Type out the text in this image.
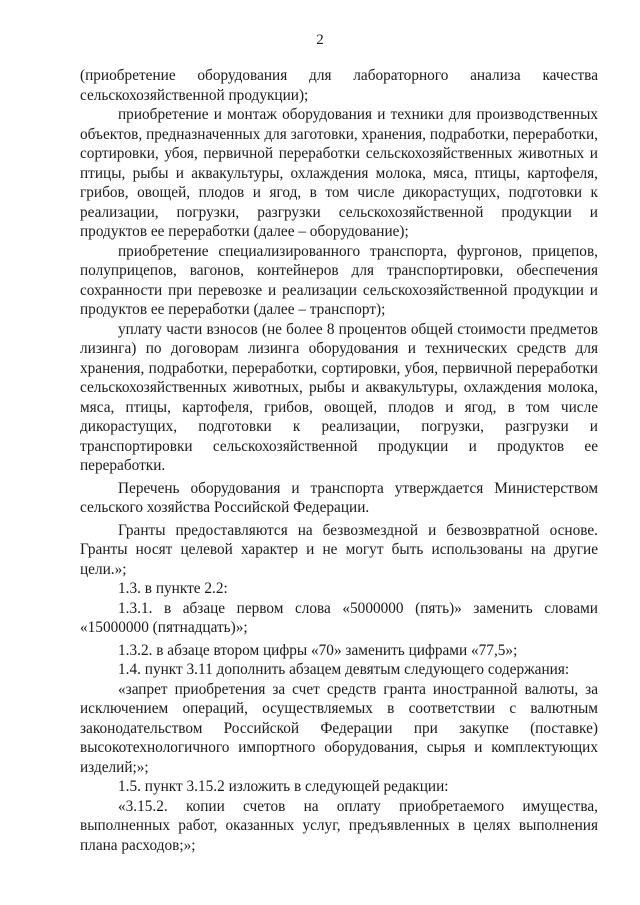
2

(приобретение оборудования для лабораторного анализа качества сельскохозяйственной продукции);

приобретение и монтаж оборудования и техники для производственных объектов, предназначенных для заготовки, хранения, подработки, переработки, сортировки, убоя, первичной переработки сельскохозяйственных животных и птицы, рыбы и аквакультуры, охлаждения молока, мяса, птицы, картофеля, грибов, овощей, плодов и ягод, в том числе дикорастущих, подготовки к реализации, погрузки, разгрузки сельскохозяйственной продукции и продуктов ее переработки (далее – оборудование);

приобретение специализированного транспорта, фургонов, прицепов, полуприцепов, вагонов, контейнеров для транспортировки, обеспечения сохранности при перевозке и реализации сельскохозяйственной продукции и продуктов ее переработки (далее – транспорт);

уплату части взносов (не более 8 процентов общей стоимости предметов лизинга) по договорам лизинга оборудования и технических средств для хранения, подработки, переработки, сортировки, убоя, первичной переработки сельскохозяйственных животных, рыбы и аквакультуры, охлаждения молока, мяса, птицы, картофеля, грибов, овощей, плодов и ягод, в том числе дикорастущих, подготовки к реализации, погрузки, разгрузки и транспортировки сельскохозяйственной продукции и продуктов ее переработки.

Перечень оборудования и транспорта утверждается Министерством сельского хозяйства Российской Федерации.

Гранты предоставляются на безвозмездной и безвозвратной основе. Гранты носят целевой характер и не могут быть использованы на другие цели.»;

1.3. в пункте 2.2:

1.3.1. в абзаце первом слова «5000000 (пять)» заменить словами «15000000 (пятнадцать)»;

1.3.2. в абзаце втором цифры «70» заменить цифрами «77,5»;

1.4. пункт 3.11 дополнить абзацем девятым следующего содержания:

«запрет приобретения за счет средств гранта иностранной валюты, за исключением операций, осуществляемых в соответствии с валютным законодательством Российской Федерации при закупке (поставке) высокотехнологичного импортного оборудования, сырья и комплектующих изделий;»;

1.5. пункт 3.15.2 изложить в следующей редакции:

«3.15.2. копии счетов на оплату приобретаемого имущества, выполненных работ, оказанных услуг, предъявленных в целях выполнения плана расходов;»;
